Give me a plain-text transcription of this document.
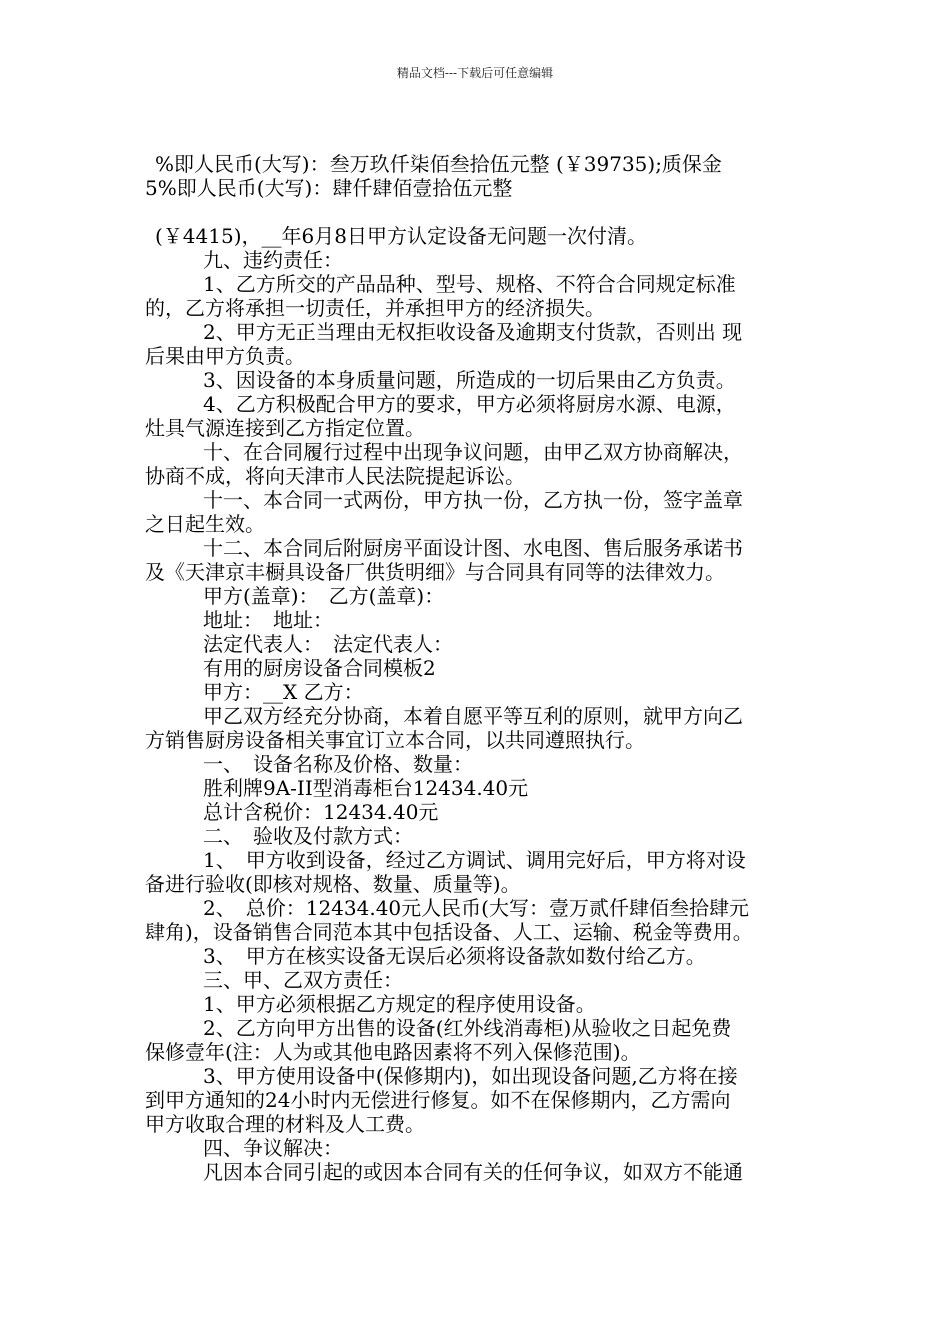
精品文档---下载后可任意编辑
%即人民币(大写)：叁万玖仟柒佰叁拾伍元整 (￥39735);质保金
5%即人民币(大写)：肆仟肆佰壹拾伍元整
(￥4415)，__年6月8日甲方认定设备无问题一次付清。
九、违约责任：
1、乙方所交的产品品种、型号、规格、不符合合同规定标准
的，乙方将承担一切责任，并承担甲方的经济损失。
2、甲方无正当理由无权拒收设备及逾期支付货款，否则出 现
后果由甲方负责。
3、因设备的本身质量问题，所造成的一切后果由乙方负责。
4、乙方积极配合甲方的要求，甲方必须将厨房水源、电源，
灶具气源连接到乙方指定位置。
十、在合同履行过程中出现争议问题，由甲乙双方协商解决，
协商不成，将向天津市人民法院提起诉讼。
十一、本合同一式两份，甲方执一份，乙方执一份，签字盖章
之日起生效。
十二、本合同后附厨房平面设计图、水电图、售后服务承诺书
及《天津京丰橱具设备厂供货明细》与合同具有同等的法律效力。
甲方(盖章)：　乙方(盖章)：
地址：　地址：
法定代表人：　法定代表人：
有用的厨房设备合同模板2
甲方：__X 乙方：
甲乙双方经充分协商，本着自愿平等互利的原则，就甲方向乙
方销售厨房设备相关事宜订立本合同，以共同遵照执行。
一、　设备名称及价格、数量：
胜利牌9A-II型消毒柜台12434.40元
总计含税价：12434.40元
二、　验收及付款方式：
1、　甲方收到设备，经过乙方调试、调用完好后，甲方将对设
备进行验收(即核对规格、数量、质量等)。
2、　总价：12434.40元人民币(大写：壹万贰仟肆佰叁拾肆元
肆角)，设备销售合同范本其中包括设备、人工、运输、税金等费用。
3、　甲方在核实设备无误后必须将设备款如数付给乙方。
三、甲、乙双方责任：
1、甲方必须根据乙方规定的程序使用设备。
2、乙方向甲方出售的设备(红外线消毒柜)从验收之日起免费
保修壹年(注：人为或其他电路因素将不列入保修范围)。
3、甲方使用设备中(保修期内)，如出现设备问题,乙方将在接
到甲方通知的24小时内无偿进行修复。如不在保修期内，乙方需向
甲方收取合理的材料及人工费。
四、争议解决：
凡因本合同引起的或因本合同有关的任何争议，如双方不能通
